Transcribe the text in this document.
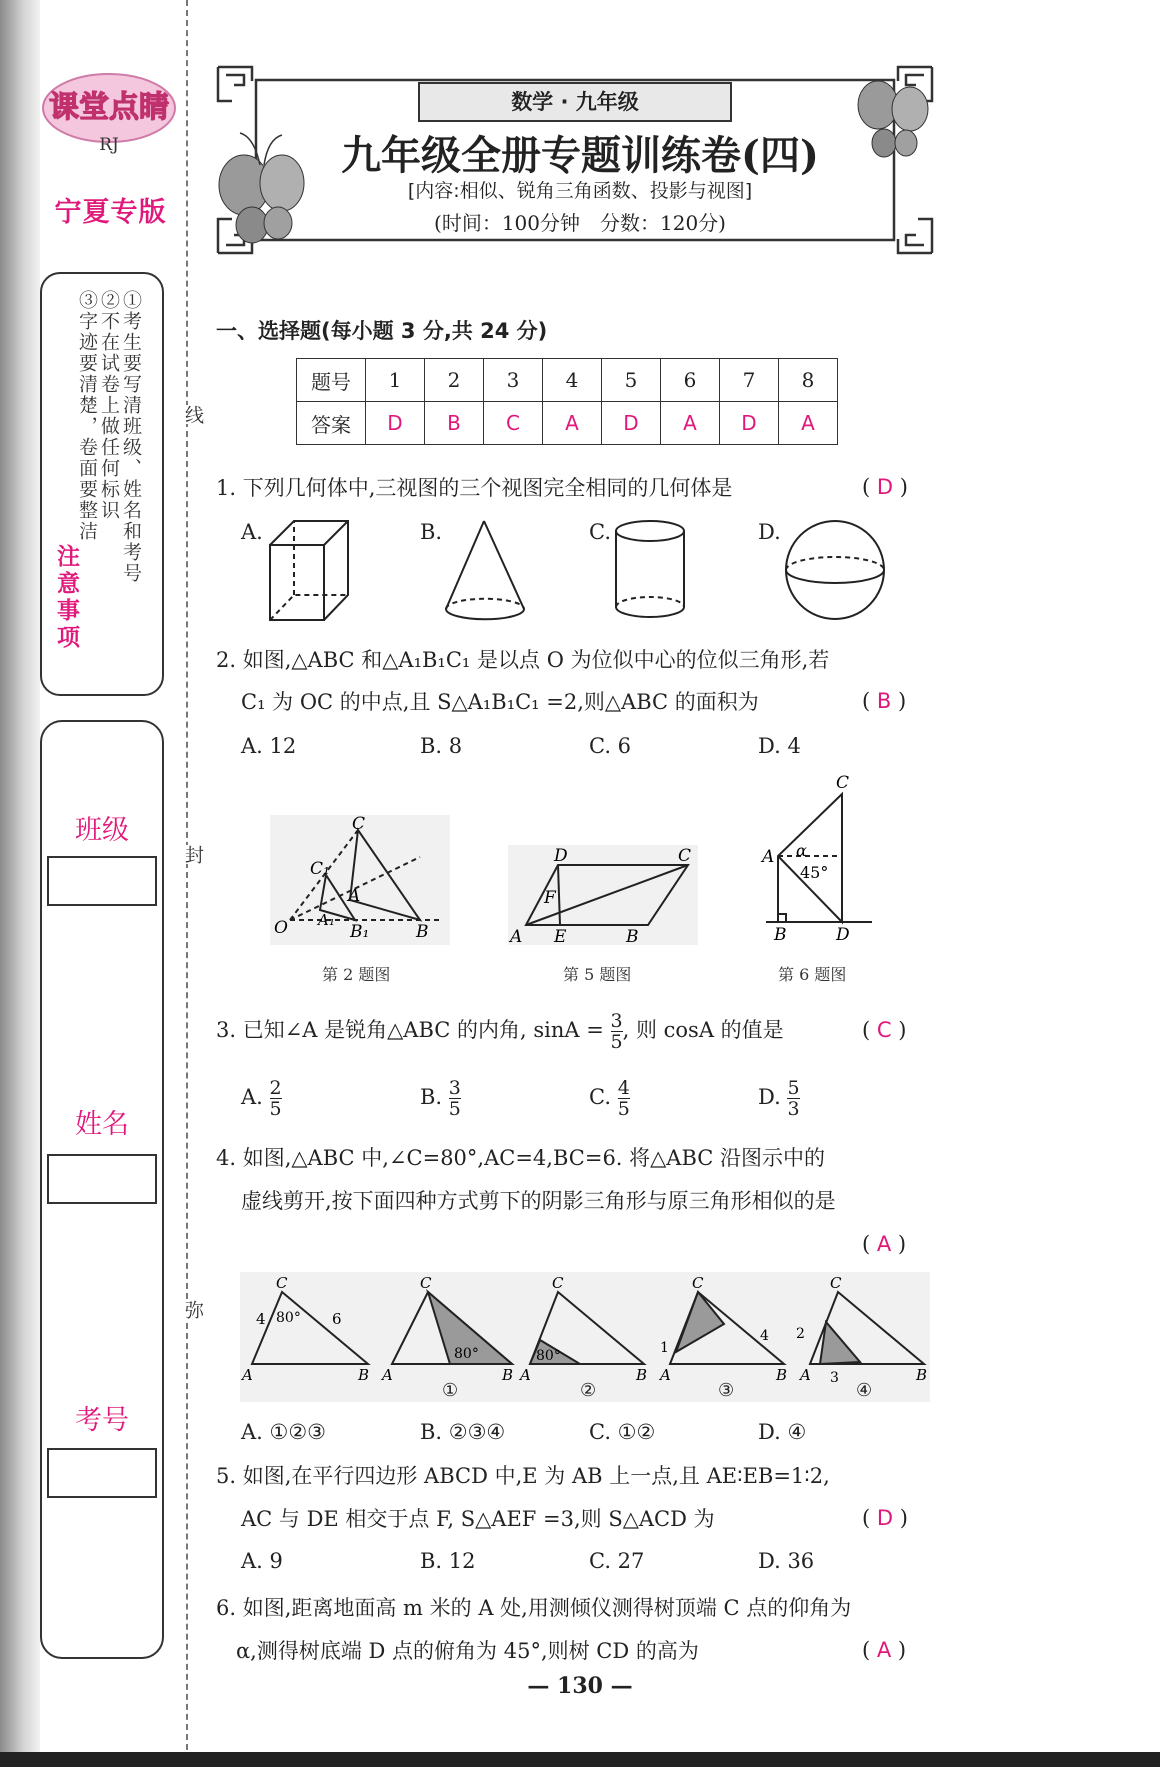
课堂点睛
RJ
宁夏专版
①考生要写清班级、姓名和考号
②不在试卷上做任何标识
③字迹要清楚，卷面要整洁
注意事项
班级
姓名
考号
线
封
弥
数学 · 九年级
九年级全册专题训练卷(四)
[内容:相似、锐角三角函数、投影与视图]
(时间：100分钟　分数：120分)
一、选择题(每小题 3 分,共 24 分)
题号	1	2	3	4	5	6	7	8
答案	D	B	C	A	D	A	D	A
1. 下列几何体中,三视图的三个视图完全相同的几何体是	( D )
A.	B.	C.	D.
2. 如图,△ABC 和△A₁B₁C₁ 是以点 O 为位似中心的位似三角形,若
C₁ 为 OC 的中点,且 S△A₁B₁C₁ =2,则△ABC 的面积为	( B )
A. 12	B. 8	C. 6	D. 4
O
C
C₁
A
A₁
B₁	B	A
D	C
E
F
B
C
A α
45°
B	D
第 2 题图	第 5 题图	第 6 题图
3. 已知∠A 是锐角△ABC 的内角, $\sin A = \frac{3}{5}$ , 则 cosA 的值是	( C )
A. $\frac{2}{5}$	B. $\frac{3}{5}$	C. $\frac{4}{5}$	D. $\frac{5}{3}$
4. 如图,△ABC 中,∠C=80°,AC=4,BC=6. 将△ABC 沿图示中的
虚线剪开,按下面四种方式剪下的阴影三角形与原三角形相似的是
( A )
A	B
C
4	6
80°
A	B
C
80°
A	B
C
80°
A	B
C
1
4
A	B
C
2
3
①	②	③	④
A. ①②③	B. ②③④	C. ①②	D. ④
5. 如图,在平行四边形 ABCD 中,E 为 AB 上一点,且 AE∶EB=1∶2,
AC 与 DE 相交于点 F, S△AEF =3,则 S△ACD 为	( D )
A. 9	B. 12	C. 27	D. 36
6. 如图,距离地面高 m 米的 A 处,用测倾仪测得树顶端 C 点的仰角为
α,测得树底端 D 点的俯角为 45°,则树 CD 的高为	( A )
— 130 —
